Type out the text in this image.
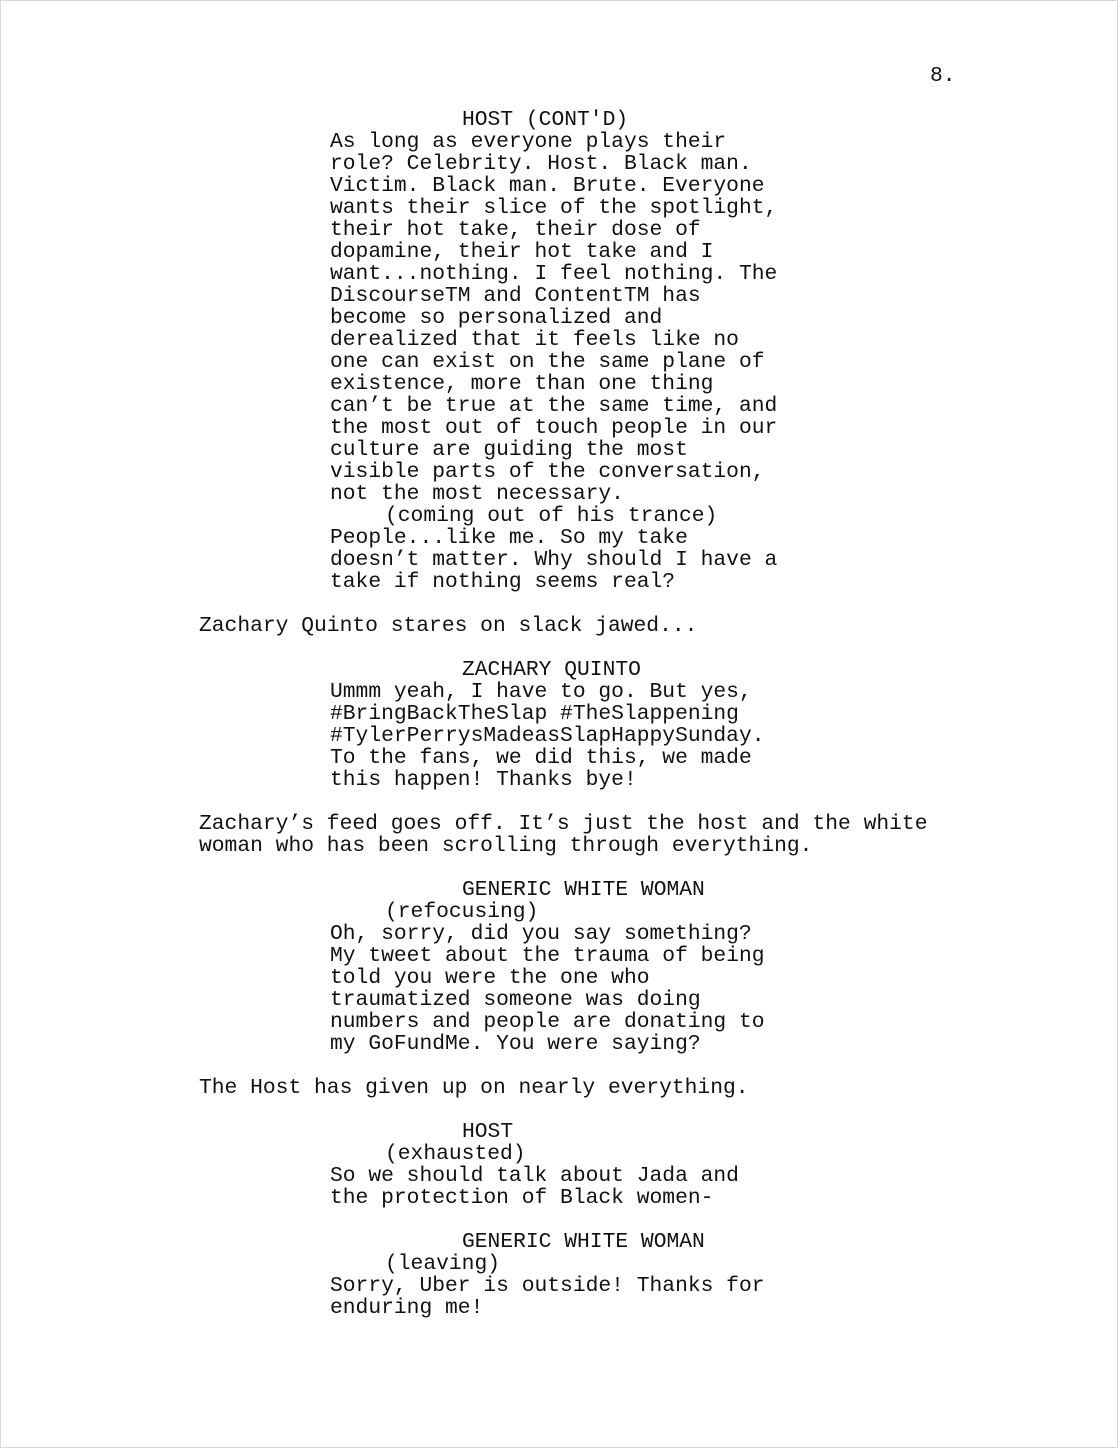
8.
HOST (CONT'D)
As long as everyone plays their
role? Celebrity. Host. Black man.
Victim. Black man. Brute. Everyone
wants their slice of the spotlight,
their hot take, their dose of
dopamine, their hot take and I
want...nothing. I feel nothing. The
DiscourseTM and ContentTM has
become so personalized and
derealized that it feels like no
one can exist on the same plane of
existence, more than one thing
can’t be true at the same time, and
the most out of touch people in our
culture are guiding the most
visible parts of the conversation,
not the most necessary.
(coming out of his trance)
People...like me. So my take
doesn’t matter. Why should I have a
take if nothing seems real?
Zachary Quinto stares on slack jawed...
ZACHARY QUINTO
Ummm yeah, I have to go. But yes,
#BringBackTheSlap #TheSlappening
#TylerPerrysMadeasSlapHappySunday.
To the fans, we did this, we made
this happen! Thanks bye!
Zachary’s feed goes off. It’s just the host and the white
woman who has been scrolling through everything.
GENERIC WHITE WOMAN
(refocusing)
Oh, sorry, did you say something?
My tweet about the trauma of being
told you were the one who
traumatized someone was doing
numbers and people are donating to
my GoFundMe. You were saying?
The Host has given up on nearly everything.
HOST
(exhausted)
So we should talk about Jada and
the protection of Black women-
GENERIC WHITE WOMAN
(leaving)
Sorry, Uber is outside! Thanks for
enduring me!
